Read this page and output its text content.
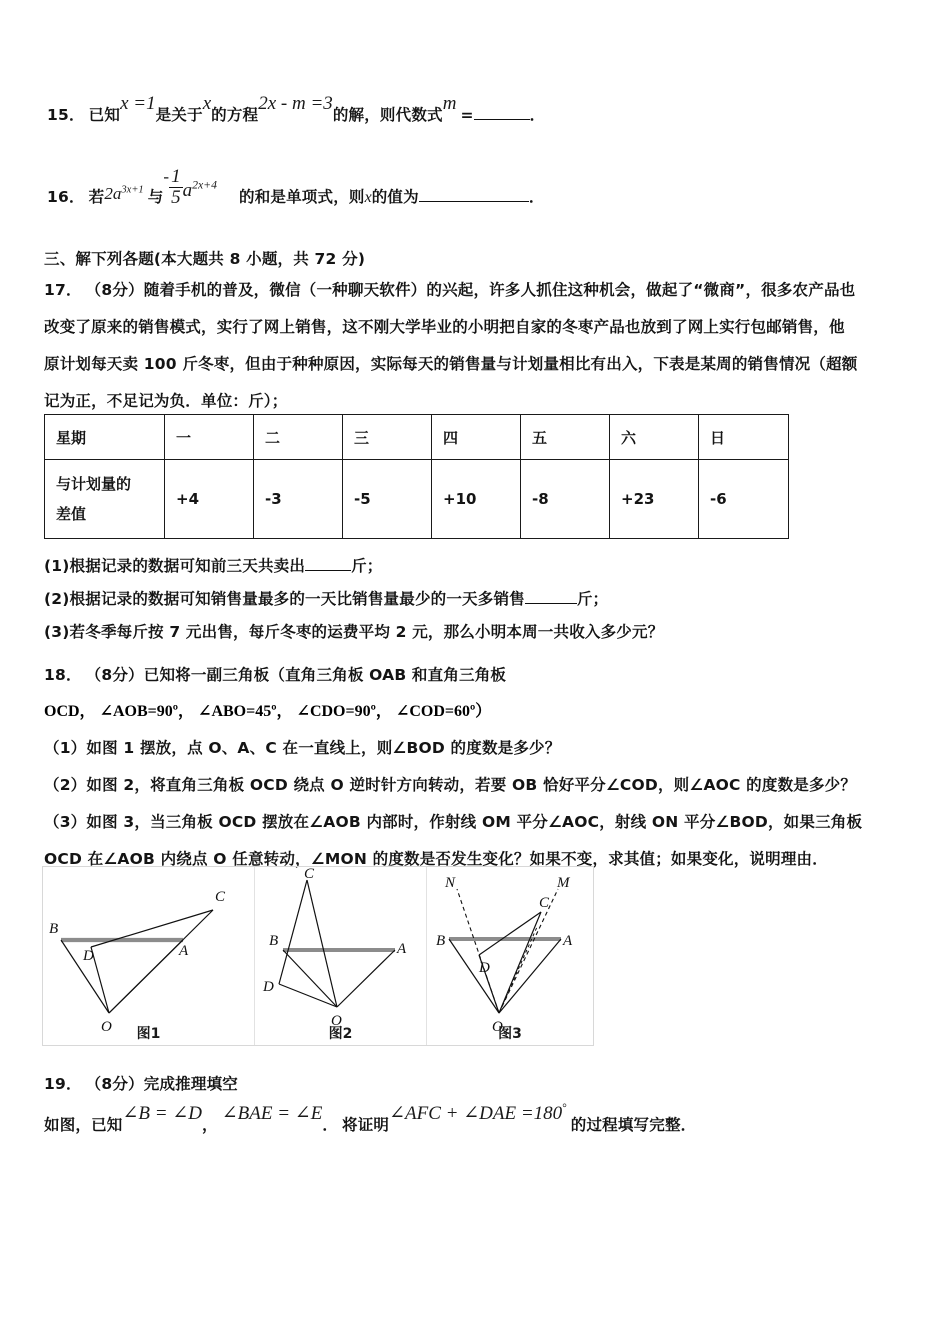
15． 已知x =1是关于x的方程2x - m =3的解，则代数式m =	．
16． 若$2a^{3x+1}$ 与- $\frac{1}{5} a^{2x+4}$ 的和是单项式，则x的值为	．
三、解下列各题(本大题共 8 小题，共 72 分)
17． （8分）随着手机的普及，微信（一种聊天软件）的兴起，许多人抓住这种机会，做起了“微商”，很多农产品也
改变了原来的销售模式，实行了网上销售，这不刚大学毕业的小明把自家的冬枣产品也放到了网上实行包邮销售，他
原计划每天卖 100 斤冬枣，但由于种种原因，实际每天的销售量与计划量相比有出入，下表是某周的销售情况（超额
记为正，不足记为负．单位：斤）；
星期	一	二	三	四	五	六	日

与计划量的
差值	+4	-3	-5	+10	-8	+23	-6
(1)根据记录的数据可知前三天共卖出	斤；
(2)根据记录的数据可知销售量最多的一天比销售量最少的一天多销售	斤；
(3)若冬季每斤按 7 元出售，每斤冬枣的运费平均 2 元，那么小明本周一共收入多少元？
18． （8分）已知将一副三角板（直角三角板 OAB 和直角三角板
OCD， ∠AOB=90º， ∠ABO=45º， ∠CDO=90º， ∠COD=60º）
（1）如图 1 摆放，点 O、A、C 在一直线上，则∠BOD 的度数是多少？
（2）如图 2，将直角三角板 OCD 绕点 O 逆时针方向转动，若要 OB 恰好平分∠COD，则∠AOC 的度数是多少？
（3）如图 3，当三角板 OCD 摆放在∠AOB 内部时，作射线 OM 平分∠AOC，射线 ON 平分∠BOD，如果三角板
OCD 在∠AOB 内绕点 O 任意转动，∠MON 的度数是否发生变化？如果不变，求其值；如果变化，说明理由．
B
C
A
D
O	图1
B	A
C
D
O
图2
B	A
C
D
O
M
N
图3
19． （8分）完成推理填空
如图，已知∠B = ∠D， ∠BAE = ∠E． 将证明∠AFC + ∠DAE =180° 的过程填写完整．
